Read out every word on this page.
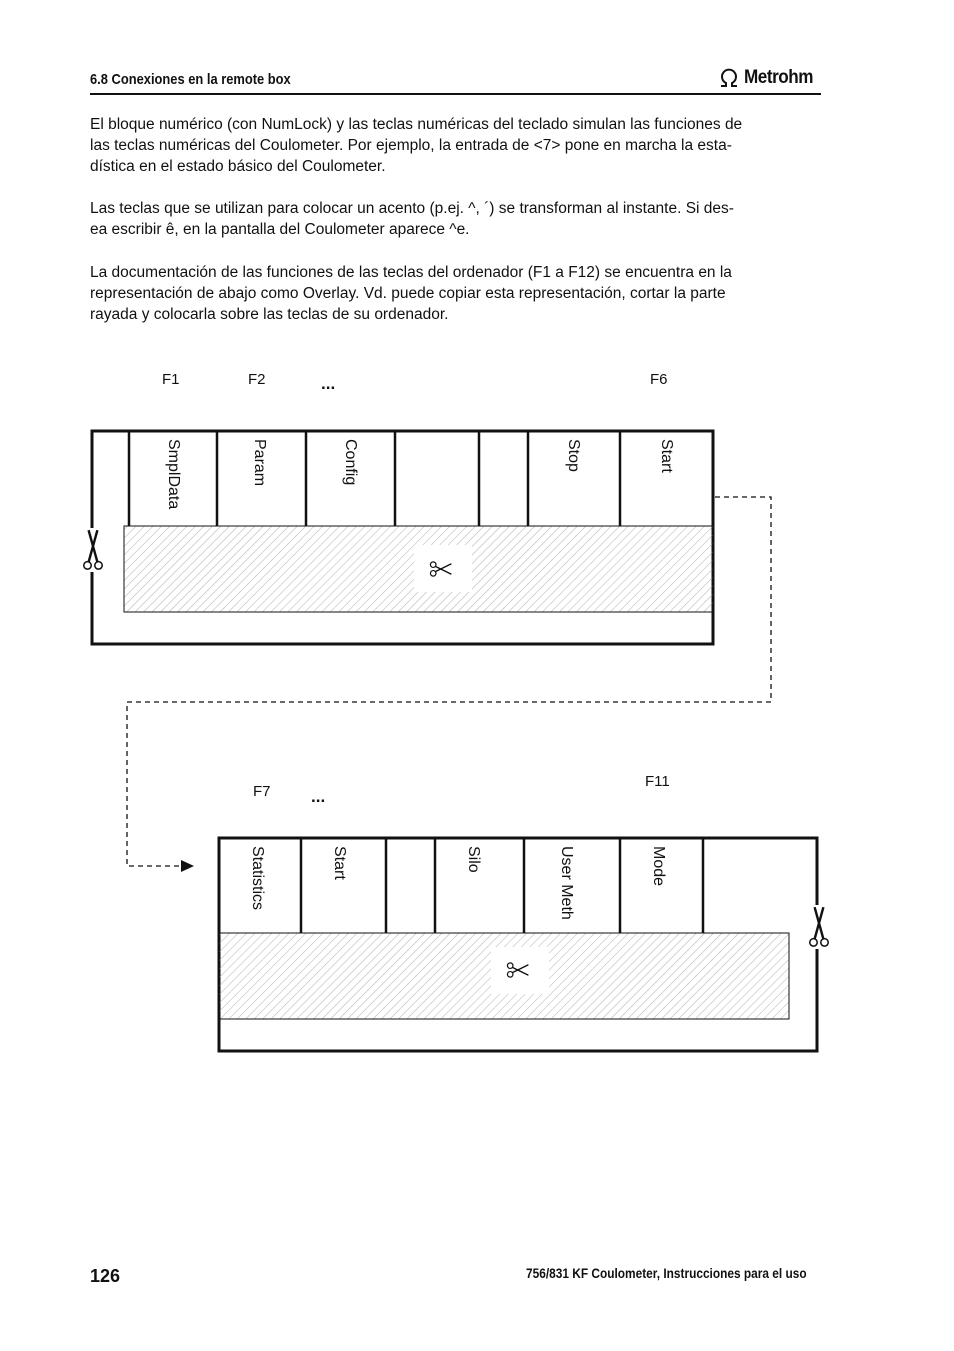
6.8 Conexiones en la remote box	Metrohm
El bloque numérico (con NumLock) y las teclas numéricas del teclado simulan las funciones de
las teclas numéricas del Coulometer. Por ejemplo, la entrada de <7> pone en marcha la esta-
dística en el estado básico del Coulometer.
Las teclas que se utilizan para colocar un acento (p.ej. ^, ´) se transforman al instante. Si des-
ea escribir ê, en la pantalla del Coulometer aparece ^e.
La documentación de las funciones de las teclas del ordenador (F1 a F12) se encuentra en la
representación de abajo como Overlay. Vd. puede copiar esta representación, cortar la parte
rayada y colocarla sobre las teclas de su ordenador.
F1	F2	...	F6
F7 ...
F11
SmplData	Param	Config	Stop	Start
Statistics	Start	Silo	User Meth	Mode
126	756/831 KF Coulometer, Instrucciones para el uso
